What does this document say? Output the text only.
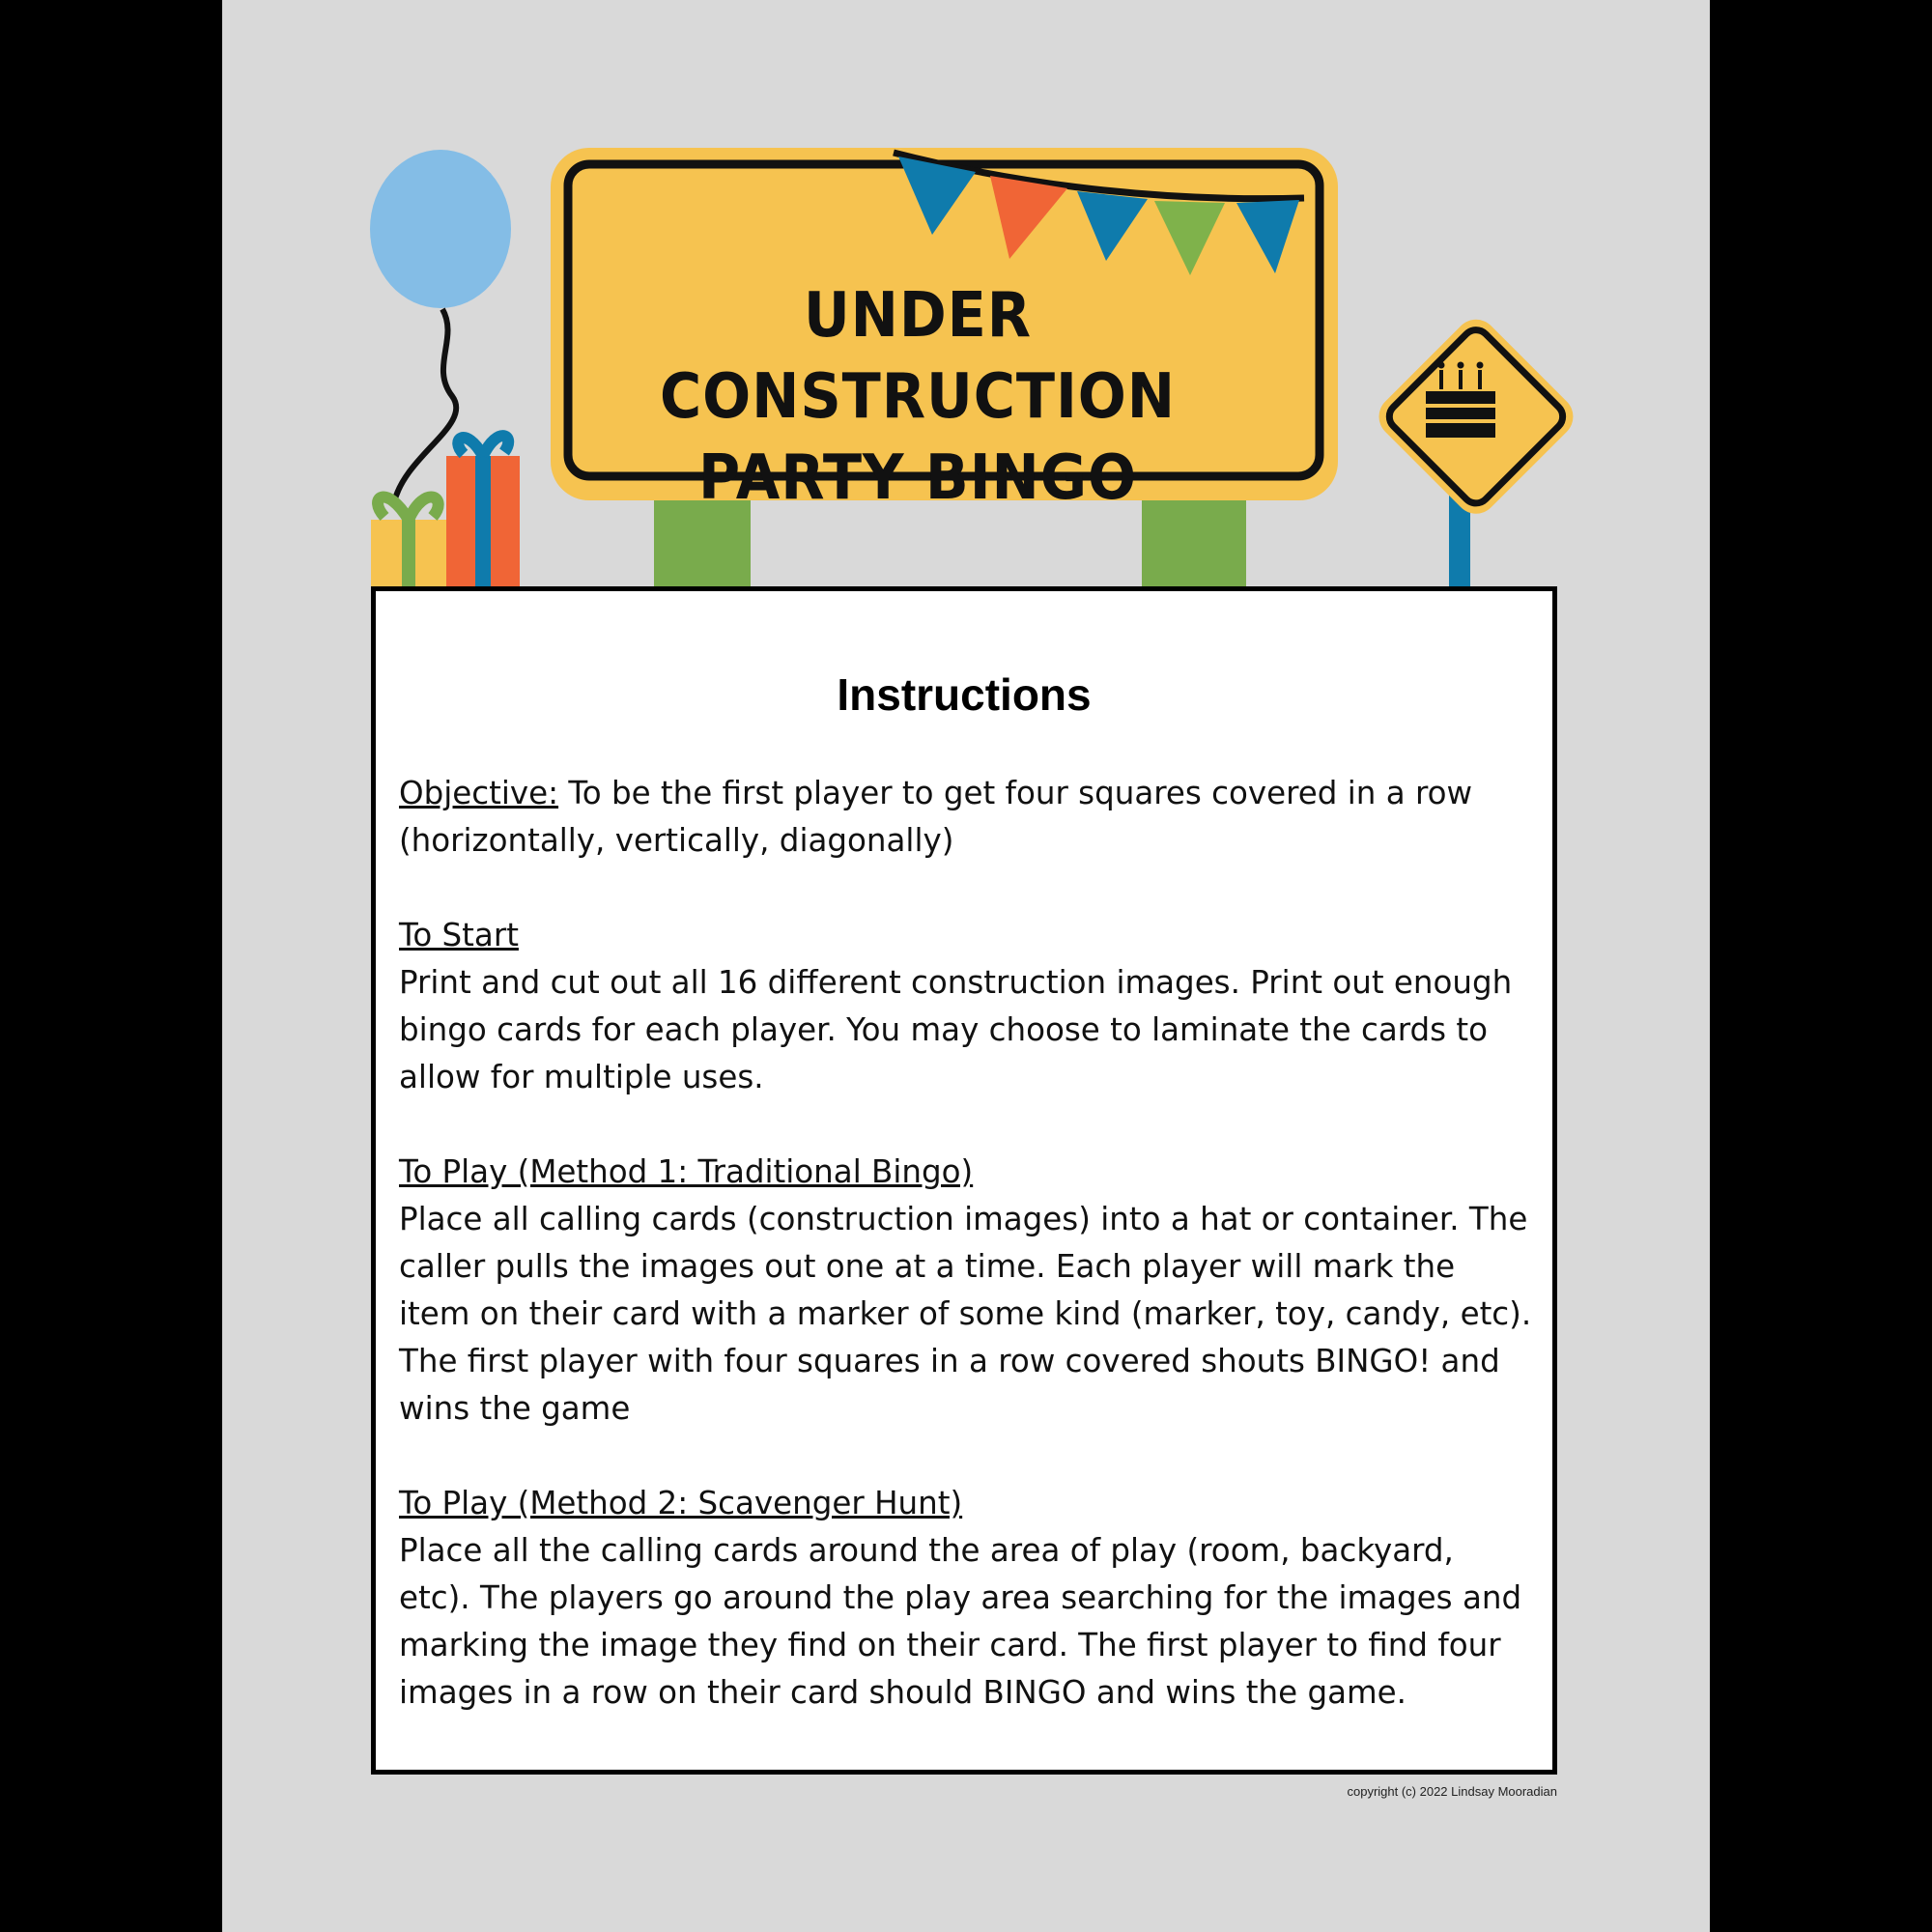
UNDER CONSTRUCTION
PARTY BINGO
Instructions

Objective: To be the first player to get four squares covered in a row (horizontally, vertically, diagonally)

To Start
Print and cut out all 16 different construction images. Print out enough bingo cards for each player. You may choose to laminate the cards to allow for multiple uses.

To Play (Method 1: Traditional Bingo)
Place all calling cards (construction images) into a hat or container. The caller pulls the images out one at a time. Each player will mark the item on their card with a marker of some kind (marker, toy, candy, etc). The first player with four squares in a row covered shouts BINGO! and wins the game

To Play (Method 2: Scavenger Hunt)
Place all the calling cards around the area of play (room, backyard, etc). The players go around the play area searching for the images and marking the image they find on their card. The first player to find four images in a row on their card should BINGO and wins the game.

copyright (c) 2022 Lindsay Mooradian
